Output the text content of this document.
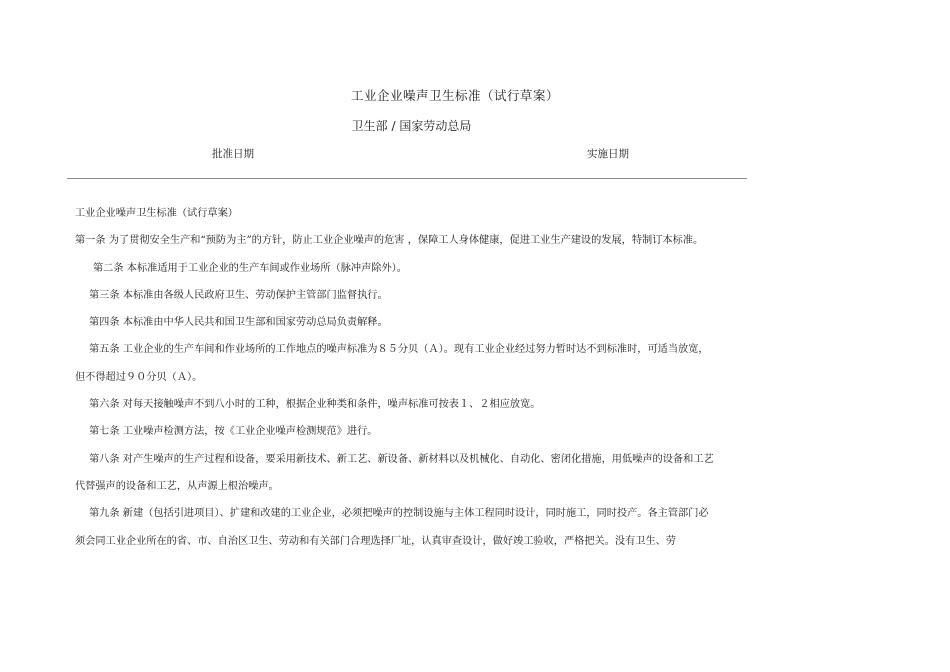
工业企业噪声卫生标准（试行草案）
卫生部 / 国家劳动总局
批准日期	实施日期

工业企业噪声卫生标准（试行草案）

第一条 为了贯彻安全生产和“预防为主”的方针，防止工业企业噪声的危害 ，保障工人身体健康，促进工业生产建设的发展，特制订本标准。

第二条 本标准适用于工业企业的生产车间或作业场所（脉冲声除外）。

第三条 本标准由各级人民政府卫生、劳动保护主管部门监督执行。

第四条 本标准由中华人民共和国卫生部和国家劳动总局负责解释。

第五条 工业企业的生产车间和作业场所的工作地点的噪声标准为８５分贝（Ａ）。现有工业企业经过努力暂时达不到标准时，可适当放宽，但不得超过９０分贝（Ａ）。

第六条 对每天接触噪声不到八小时的工种，根据企业种类和条件，噪声标准可按表１、２相应放宽。

第七条 工业噪声检测方法，按《工业企业噪声检测规范》进行。

第八条 对产生噪声的生产过程和设备，要采用新技术、新工艺、新设备、新材料以及机械化、自动化、密闭化措施，用低噪声的设备和工艺代替强声的设备和工艺，从声源上根治噪声。

第九条 新建（包括引进项目）、扩建和改建的工业企业，必须把噪声的控制设施与主体工程同时设计，同时施工，同时投产。各主管部门必须会同工业企业所在的省、市、自治区卫生、劳动和有关部门合理选择厂址，认真审查设计，做好竣工验收，严格把关。没有卫生、劳
